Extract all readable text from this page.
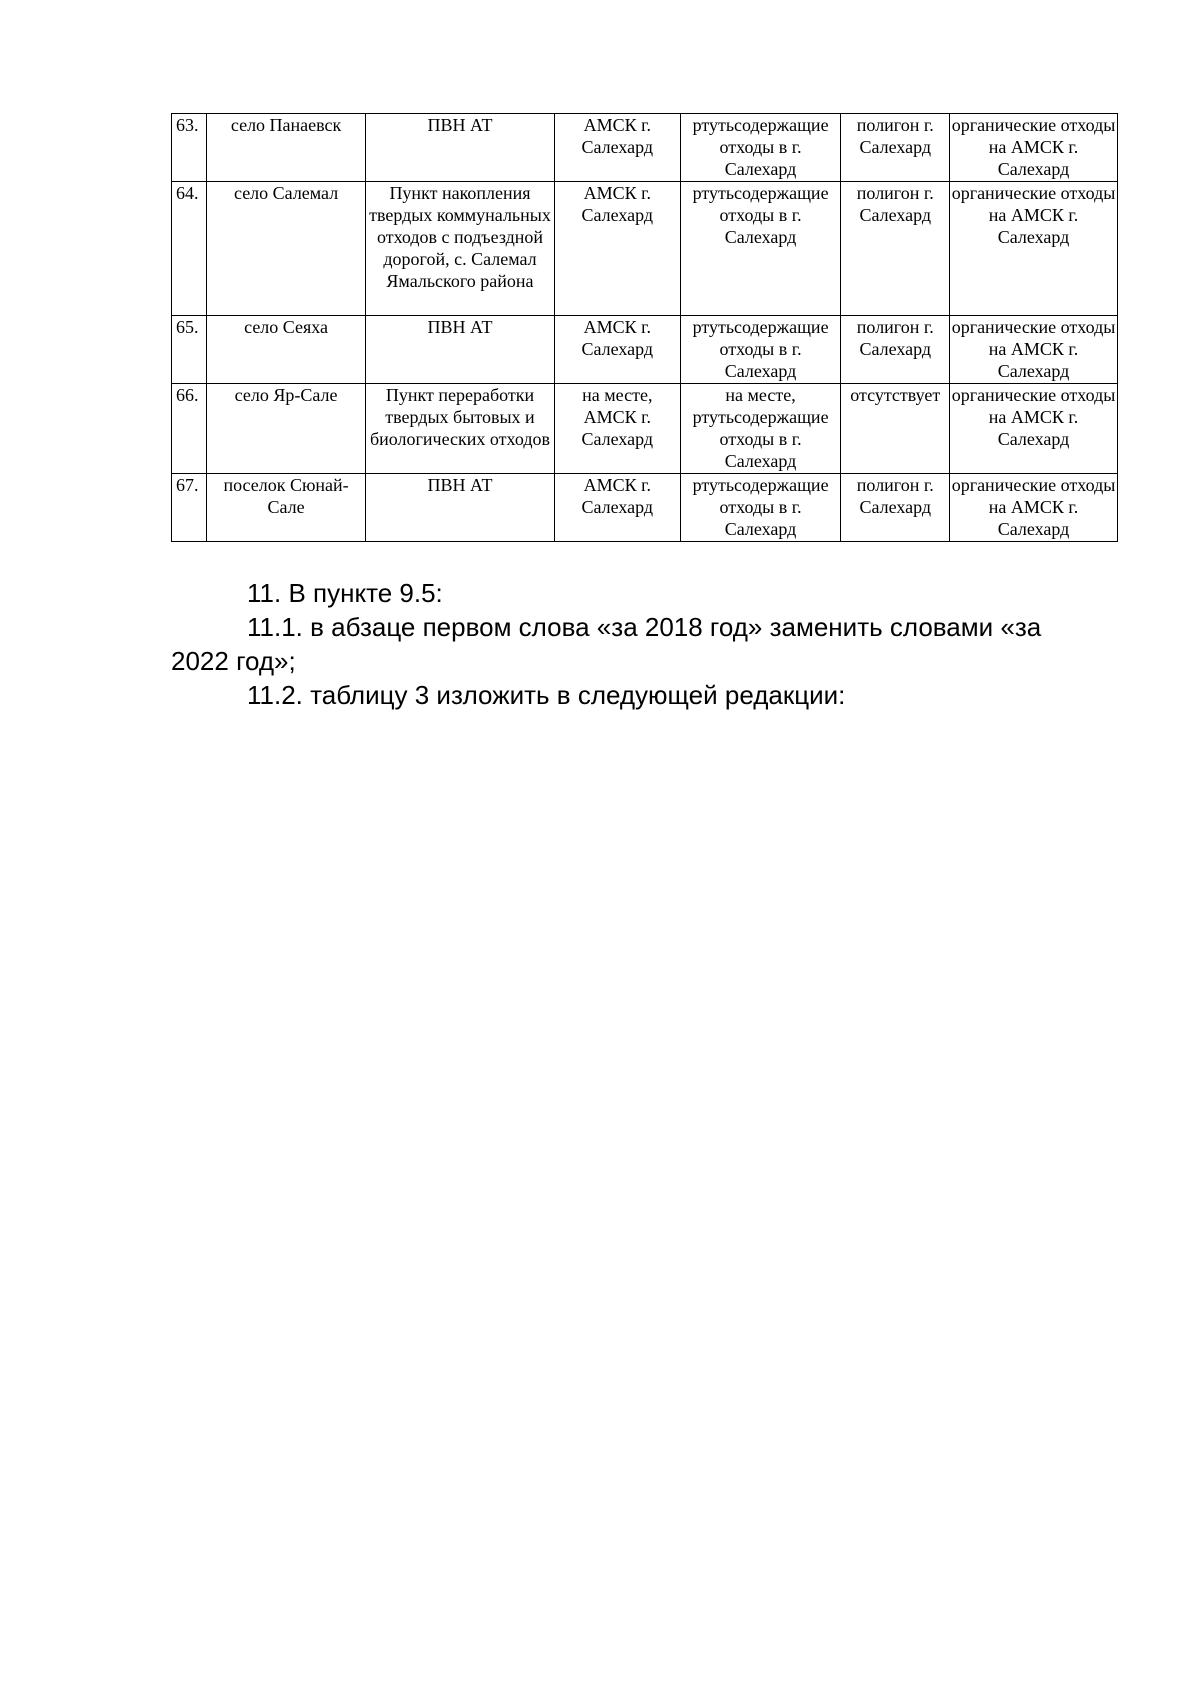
63.	село Панаевск	ПВН АТ	АМСК г. Салехард	ртутьсодержащие отходы в г. Салехард	полигон г. Салехард	органические отходы на АМСК г. Салехард
64.	село Салемал	Пункт накопления твердых коммунальных отходов с подъездной дорогой, с. Салемал Ямальского района	АМСК г. Салехард	ртутьсодержащие отходы в г. Салехард	полигон г. Салехард	органические отходы на АМСК г. Салехард
65.	село Сеяха	ПВН АТ	АМСК г. Салехард	ртутьсодержащие отходы в г. Салехард	полигон г. Салехард	органические отходы на АМСК г. Салехард
66.	село Яр-Сале	Пункт переработки твердых бытовых и биологических отходов	на месте, АМСК г. Салехард	на месте, ртутьсодержащие отходы в г. Салехард	отсутствует	органические отходы на АМСК г. Салехард
67.	поселок Сюнай-Сале	ПВН АТ	АМСК г. Салехард	ртутьсодержащие отходы в г. Салехард	полигон г. Салехард	органические отходы на АМСК г. Салехард

11. В пункте 9.5:

11.1. в абзаце первом слова «за 2018 год» заменить словами «за 2022 год»;

11.2. таблицу 3 изложить в следующей редакции:
